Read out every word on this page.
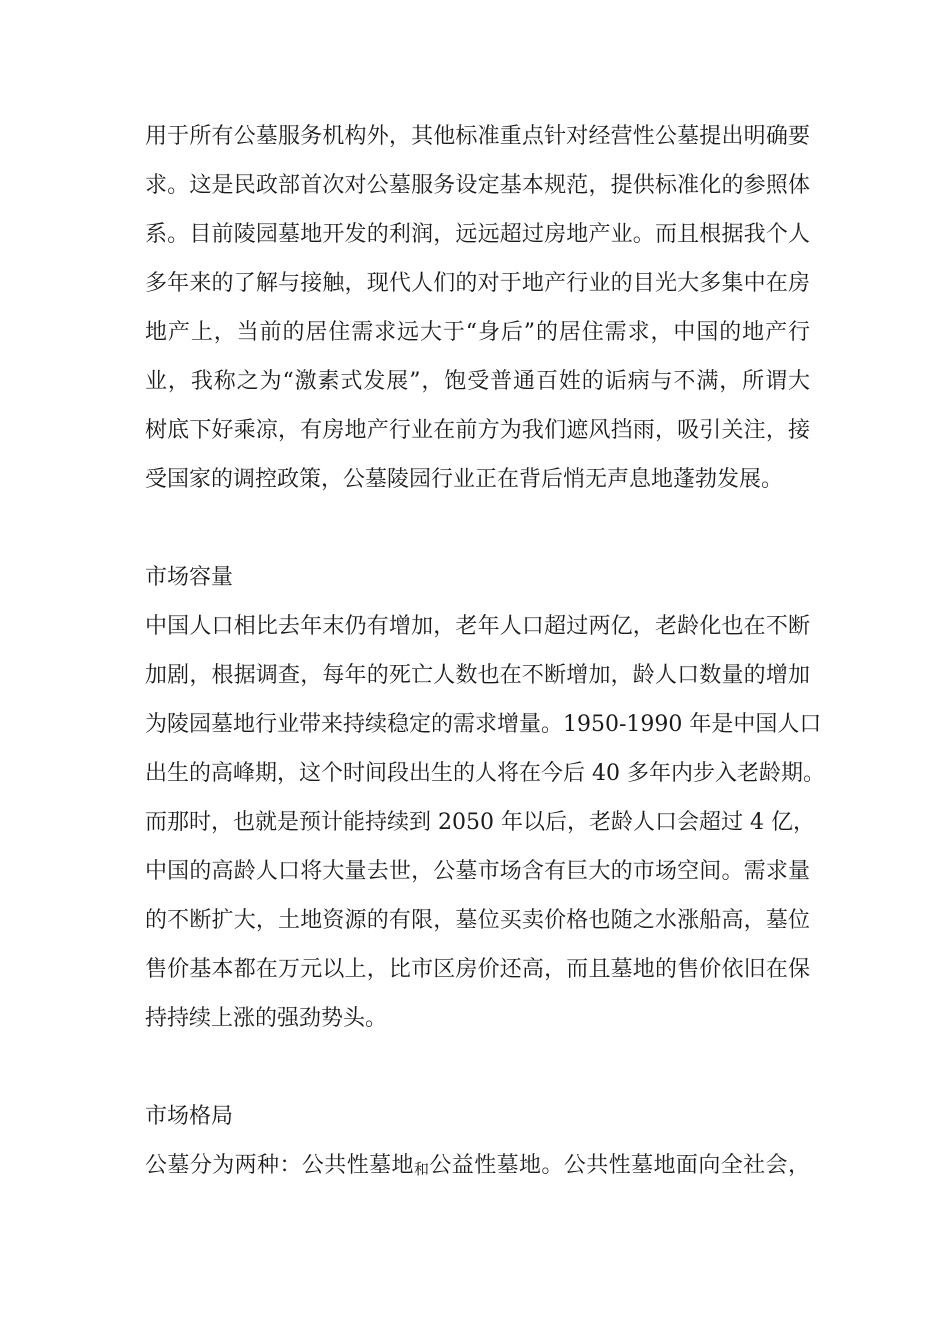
用于所有公墓服务机构外，其他标准重点针对经营性公墓提出明确要
求。这是民政部首次对公墓服务设定基本规范，提供标准化的参照体
系。目前陵园墓地开发的利润，远远超过房地产业。而且根据我个人
多年来的了解与接触，现代人们的对于地产行业的目光大多集中在房
地产上，当前的居住需求远大于“身后”的居住需求，中国的地产行
业，我称之为“激素式发展”，饱受普通百姓的诟病与不满，所谓大
树底下好乘凉，有房地产行业在前方为我们遮风挡雨，吸引关注，接
受国家的调控政策，公墓陵园行业正在背后悄无声息地蓬勃发展。
市场容量
中国人口相比去年末仍有增加，老年人口超过两亿，老龄化也在不断
加剧，根据调查，每年的死亡人数也在不断增加，龄人口数量的增加
为陵园墓地行业带来持续稳定的需求增量。1950-1990 年是中国人口
出生的高峰期，这个时间段出生的人将在今后 40 多年内步入老龄期。
而那时，也就是预计能持续到 2050 年以后，老龄人口会超过 4 亿，
中国的高龄人口将大量去世，公墓市场含有巨大的市场空间。需求量
的不断扩大，土地资源的有限，墓位买卖价格也随之水涨船高，墓位
售价基本都在万元以上，比市区房价还高，而且墓地的售价依旧在保
持持续上涨的强劲势头。
市场格局
公墓分为两种：公共性墓地和公益性墓地。公共性墓地面向全社会，
